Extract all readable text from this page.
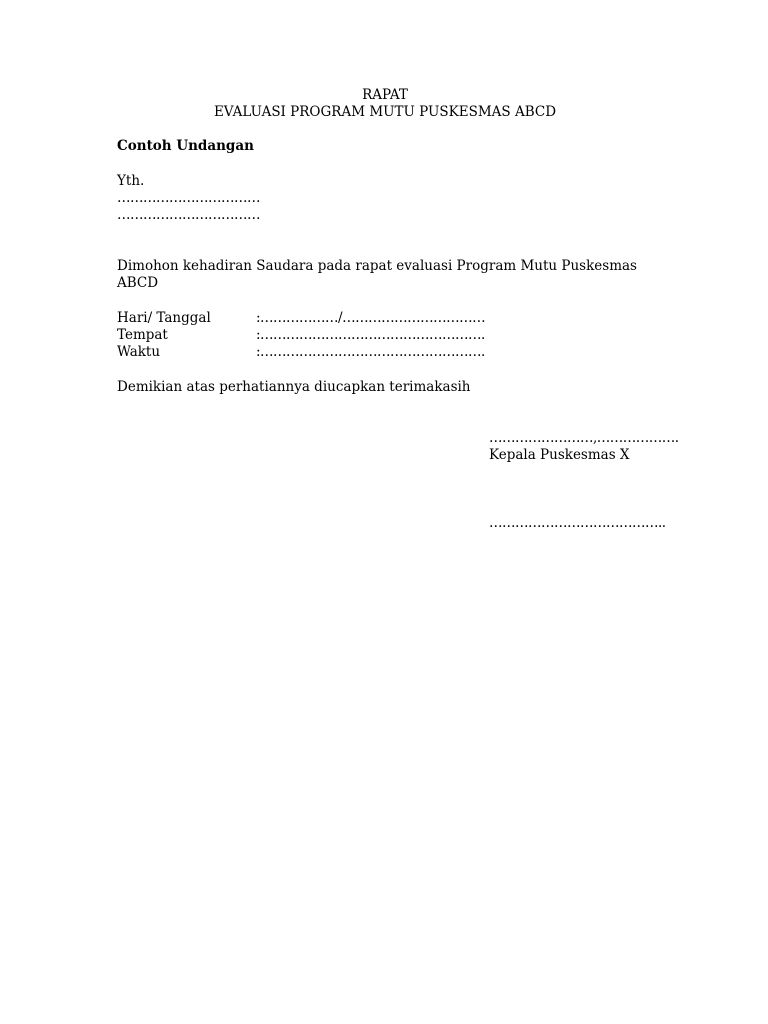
RAPAT
EVALUASI PROGRAM MUTU PUSKESMAS ABCD
Contoh Undangan
Yth.
……………………………
……………………………
Dimohon kehadiran Saudara pada rapat evaluasi Program Mutu Puskesmas ABCD
Hari/ Tanggal	:………………/……………………………
Tempat	:…………………………………………….
Waktu	:…………………………………………….
Demikian atas perhatiannya diucapkan terimakasih
……………………,……………….
Kepala Puskesmas X
…………………………………..
